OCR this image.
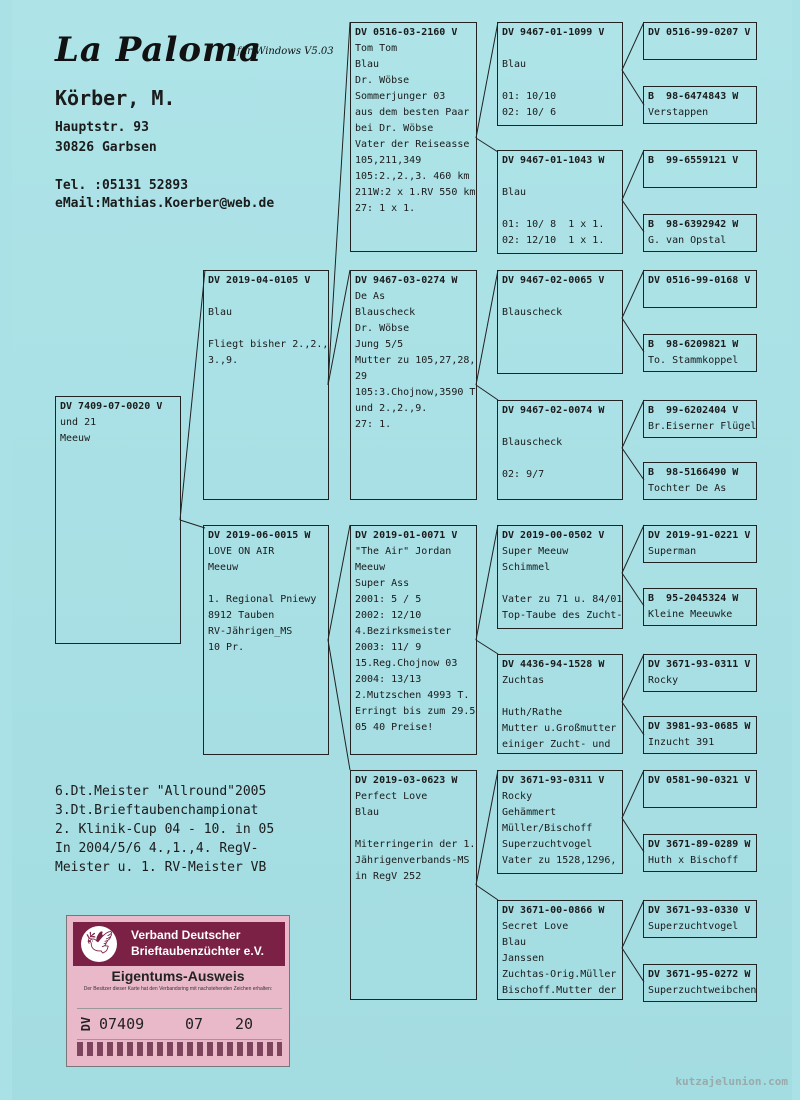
La Paloma
für Windows V5.03
Körber, M.
Hauptstr. 93
30826 Garbsen
Tel. :05131 52893
eMail:Mathias.Koerber@web.de
DV 7409-07-0020 V
und 21
Meeuw
DV 2019-04-0105 V

Blau

Fliegt bisher 2.,2.,
3.,9.
DV 2019-06-0015 W
LOVE ON AIR
Meeuw

1. Regional Pniewy
8912 Tauben
RV-Jährigen_MS
10 Pr.
DV 0516-03-2160 V
Tom Tom
Blau
Dr. Wöbse
Sommerjunger 03
aus dem besten Paar
bei Dr. Wöbse
Vater der Reiseasse
105,211,349
105:2.,2.,3. 460 km
211W:2 x 1.RV 550 km
27: 1 x 1.
DV 9467-03-0274 W
De As
Blauscheck
Dr. Wöbse
Jung 5/5
Mutter zu 105,27,28,
29
105:3.Chojnow,3590 T
und 2.,2.,9.
27: 1.
DV 2019-01-0071 V
"The Air" Jordan
Meeuw
Super Ass
2001: 5 / 5
2002: 12/10
4.Bezirksmeister
2003: 11/ 9
15.Reg.Chojnow 03
2004: 13/13
2.Mutzschen 4993 T.
Erringt bis zum 29.5
05 40 Preise!
DV 2019-03-0623 W
Perfect Love
Blau

Miterringerin der 1.
Jährigenverbands-MS
in RegV 252
DV 9467-01-1099 V

Blau

01: 10/10
02: 10/ 6
DV 9467-01-1043 W

Blau

01: 10/ 8  1 x 1.
02: 12/10  1 x 1.
DV 9467-02-0065 V

Blauscheck
DV 9467-02-0074 W

Blauscheck

02: 9/7
DV 2019-00-0502 V
Super Meeuw
Schimmel

Vater zu 71 u. 84/01
Top-Taube des Zucht-
DV 4436-94-1528 W
Zuchtas

Huth/Rathe
Mutter u.Großmutter
einiger Zucht- und
DV 3671-93-0311 V
Rocky
Gehämmert
Müller/Bischoff
Superzuchtvogel
Vater zu 1528,1296,
DV 3671-00-0866 W
Secret Love
Blau
Janssen
Zuchtas-Orig.Müller
Bischoff.Mutter der
DV 0516-99-0207 V
B  98-6474843 W
Verstappen
B  99-6559121 V
B  98-6392942 W
G. van Opstal
DV 0516-99-0168 V
B  98-6209821 W
To. Stammkoppel
B  99-6202404 V
Br.Eiserner Flügel
B  98-5166490 W
Tochter De As
DV 2019-91-0221 V
Superman
B  95-2045324 W
Kleine Meeuwke
DV 3671-93-0311 V
Rocky
DV 3981-93-0685 W
Inzucht 391
DV 0581-90-0321 V
DV 3671-89-0289 W
Huth x Bischoff
DV 3671-93-0330 V
Superzuchtvogel
DV 3671-95-0272 W
Superzuchtweibchen
6.Dt.Meister "Allround"2005
3.Dt.Brieftaubenchampionat
2. Klinik-Cup 04 - 10. in 05
In 2004/5/6 4.,1.,4. RegV-
Meister u. 1. RV-Meister VB
🕊	Verband Deutscher
Brieftaubenzüchter e.V.
Eigentums-Ausweis
Der Besitzer dieser Karte hat den Verbandsring mit nachstehenden Zeichen erhalten:
DV 07409	07 20
kutzajelunion.com
